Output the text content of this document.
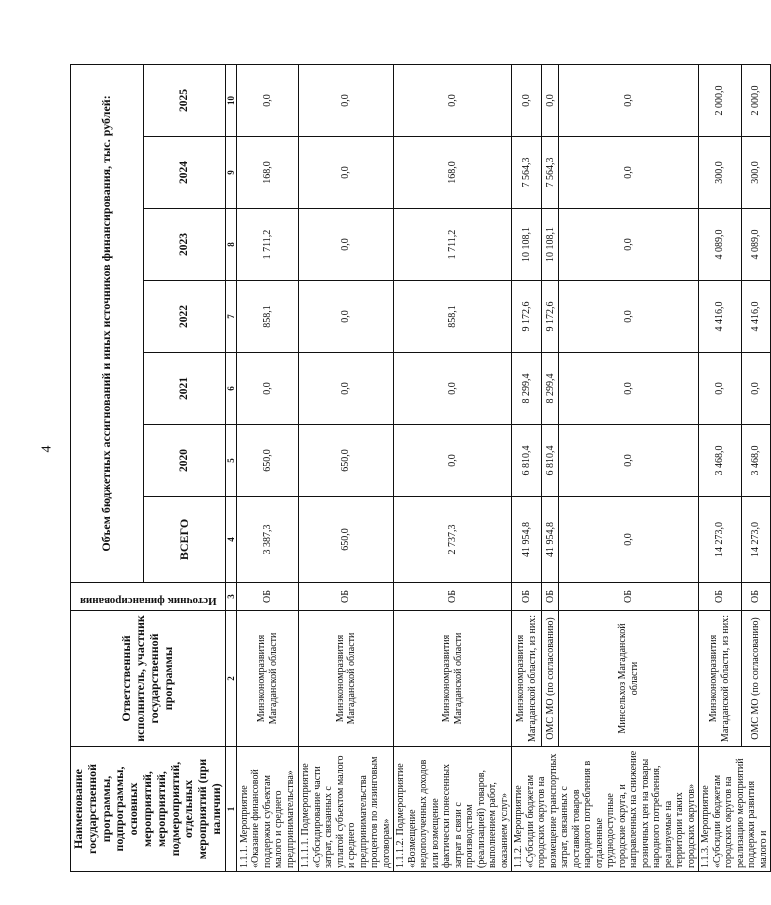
4
Наименование государственной программы, подпрограммы, основных мероприятий, мероприятий, подмероприятий, отдельных мероприятий (при наличии)	Ответственный исполнитель, участник государственной программы	Источник финансирования	Объем бюджетных ассигнований и иных источников финансирования, тыс. рублей:						
			ВСЕГО	2020	2021	2022	2023	2024	2025
1	2	3	4	5	6	7	8	9	10
1.1.1. Мероприятие «Оказание финансовой поддержки субъектам малого и среднего предпринимательства»	Минэкономразвития Магаданской области	ОБ	3 387,3	650,0	0,0	858,1	1 711,2	168,0	0,0
1.1.1.1. Подмероприятие «Субсидирование части затрат, связанных с уплатой субъектом малого и среднего предпринимательства процентов по лизинговым договорам»	Минэкономразвития Магаданской области	ОБ	650,0	650,0	0,0	0,0	0,0	0,0	0,0
1.1.1.2. Подмероприятие «Возмещение недополученных доходов или возмещение фактически понесенных затрат в связи с производством (реализацией) товаров, выполнением работ, оказанием услуг»	Минэкономразвития Магаданской области	ОБ	2 737,3	0,0	0,0	858,1	1 711,2	168,0	0,0
1.1.2. Мероприятие «Субсидии бюджетам городских округов на возмещение транспортных затрат, связанных с доставкой товаров народного потребления в отдаленные труднодоступные городские округа, и направленных на снижение розничных цен на товары народного потребления, реализуемые на территории таких городских округов»	Минэкономразвития Магаданской области, из них:	ОБ	41 954,8	6 810,4	8 299,4	9 172,6	10 108,1	7 564,3	0,0
	ОМС МО (по согласованию)	ОБ	41 954,8	6 810,4	8 299,4	9 172,6	10 108,1	7 564,3	0,0
	Минсельхоз Магаданской области	ОБ	0,0	0,0	0,0	0,0	0,0	0,0	0,0
1.1.3. Мероприятие «Субсидии бюджетам городских округов на реализацию мероприятий поддержки развития малого и	Минэкономразвития Магаданской области, из них:	ОБ	14 273,0	3 468,0	0,0	4 416,0	4 089,0	300,0	2 000,0
	ОМС МО (по согласованию)	ОБ	14 273,0	3 468,0	0,0	4 416,0	4 089,0	300,0	2 000,0
